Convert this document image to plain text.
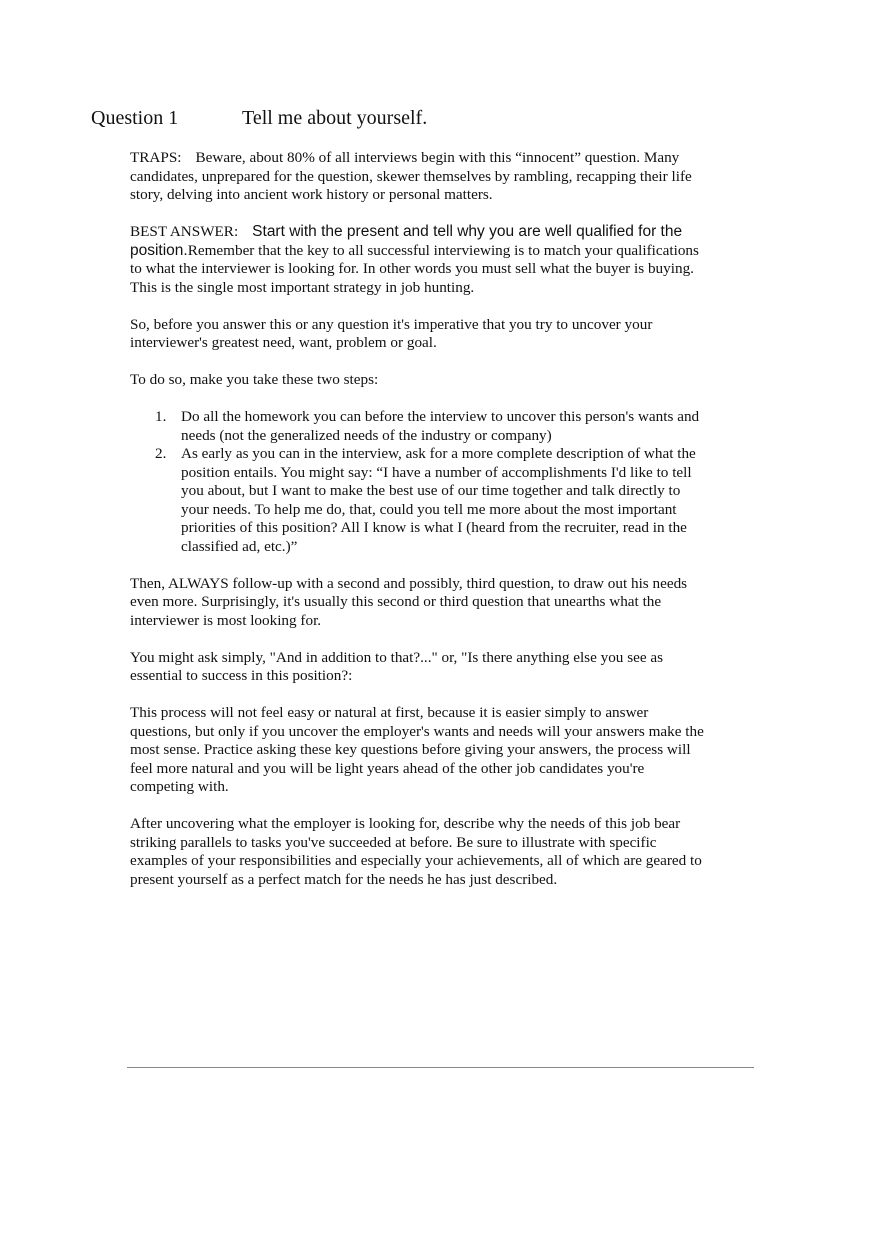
Question 1	Tell me about yourself.

TRAPS: Beware, about 80% of all interviews begin with this “innocent” question. Many candidates, unprepared for the question, skewer themselves by rambling, recapping their life story, delving into ancient work history or personal matters.

BEST ANSWER: Start with the present and tell why you are well qualified for the position.Remember that the key to all successful interviewing is to match your qualifications to what the interviewer is looking for. In other words you must sell what the buyer is buying. This is the single most important strategy in job hunting.

So, before you answer this or any question it's imperative that you try to uncover your interviewer's greatest need, want, problem or goal.

To do so, make you take these two steps:

1. Do all the homework you can before the interview to uncover this person's wants and needs (not the generalized needs of the industry or company)
2. As early as you can in the interview, ask for a more complete description of what the position entails. You might say: “I have a number of accomplishments I'd like to tell you about, but I want to make the best use of our time together and talk directly to your needs. To help me do, that, could you tell me more about the most important priorities of this position? All I know is what I (heard from the recruiter, read in the classified ad, etc.)”

Then, ALWAYS follow-up with a second and possibly, third question, to draw out his needs even more. Surprisingly, it's usually this second or third question that unearths what the interviewer is most looking for.

You might ask simply, "And in addition to that?..." or, "Is there anything else you see as essential to success in this position?:

This process will not feel easy or natural at first, because it is easier simply to answer questions, but only if you uncover the employer's wants and needs will your answers make the most sense. Practice asking these key questions before giving your answers, the process will feel more natural and you will be light years ahead of the other job candidates you're competing with.

After uncovering what the employer is looking for, describe why the needs of this job bear striking parallels to tasks you've succeeded at before. Be sure to illustrate with specific examples of your responsibilities and especially your achievements, all of which are geared to present yourself as a perfect match for the needs he has just described.
